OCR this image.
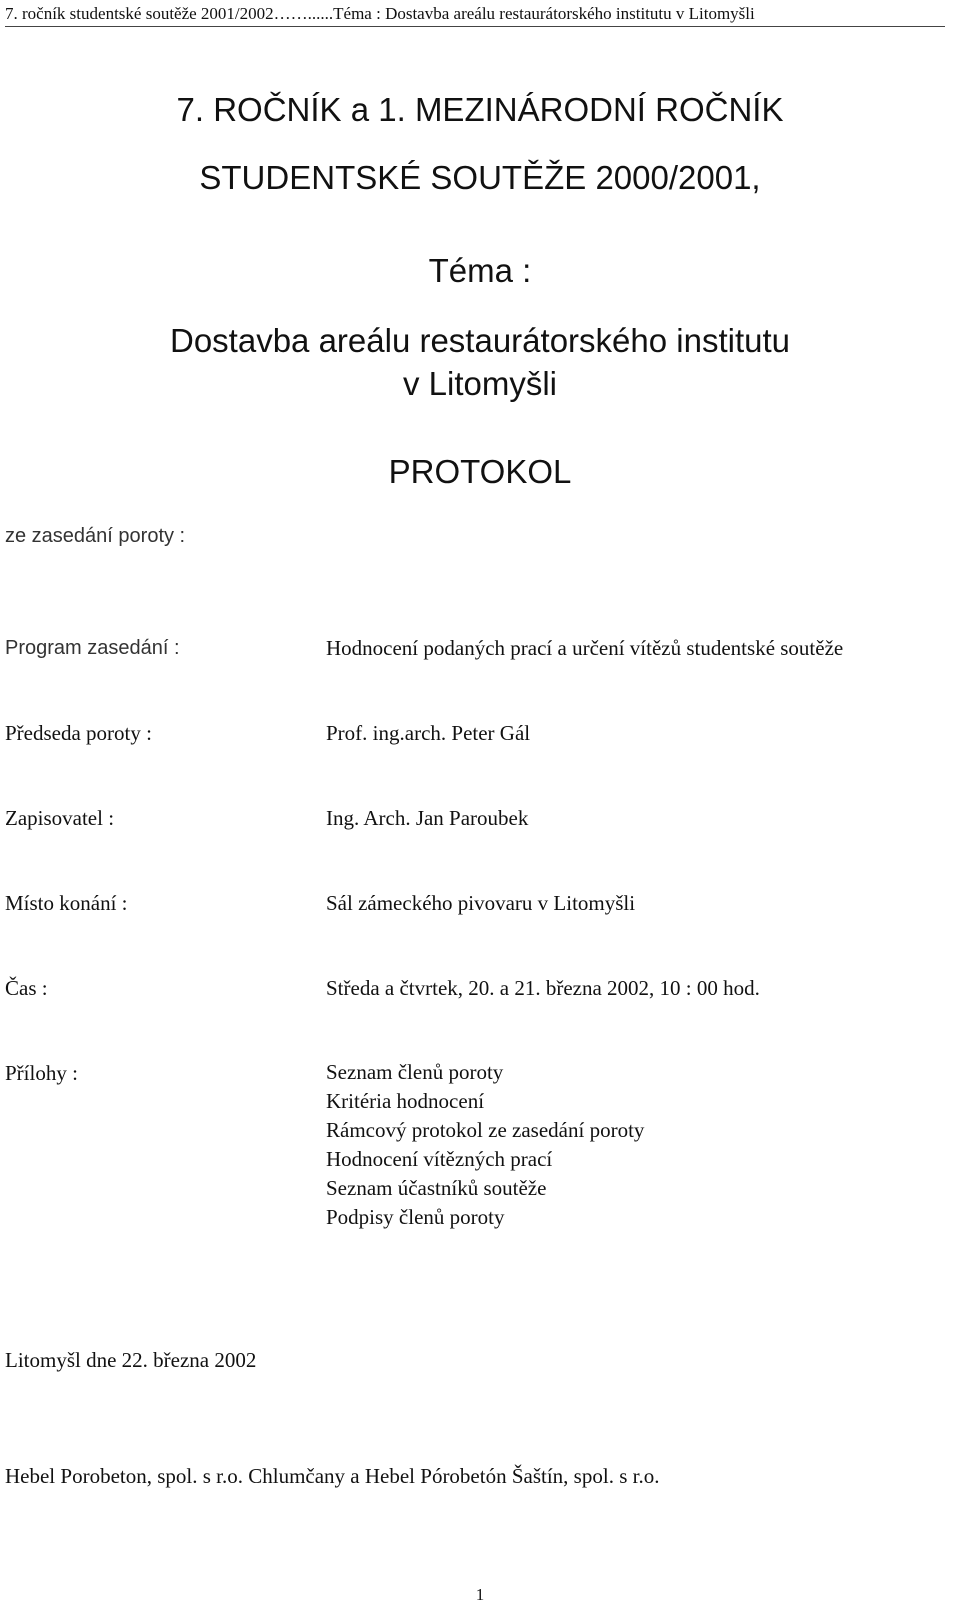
7. ročník studentské soutěže 2001/2002……......Téma : Dostavba areálu restaurátorského institutu v Litomyšli
7. ROČNÍK a 1. MEZINÁRODNÍ ROČNÍK
STUDENTSKÉ SOUTĚŽE 2000/2001,
Téma :
Dostavba areálu restaurátorského institutu
v Litomyšli
PROTOKOL
ze zasedání poroty :
Program zasedání :	Hodnocení podaných prací a určení vítězů studentské soutěže
Předseda poroty :	Prof. ing.arch. Peter Gál
Zapisovatel :	Ing. Arch. Jan Paroubek
Místo konání :	Sál zámeckého pivovaru v Litomyšli
Čas :	Středa a čtvrtek, 20. a 21. března 2002, 10 : 00 hod.
Přílohy :	Seznam členů poroty
Kritéria hodnocení
Rámcový protokol ze zasedání poroty
Hodnocení vítězných prací
Seznam účastníků soutěže
Podpisy členů poroty
Litomyšl dne 22. března 2002
Hebel Porobeton, spol. s r.o. Chlumčany a Hebel Pórobetón Šaštín, spol. s r.o.
1
